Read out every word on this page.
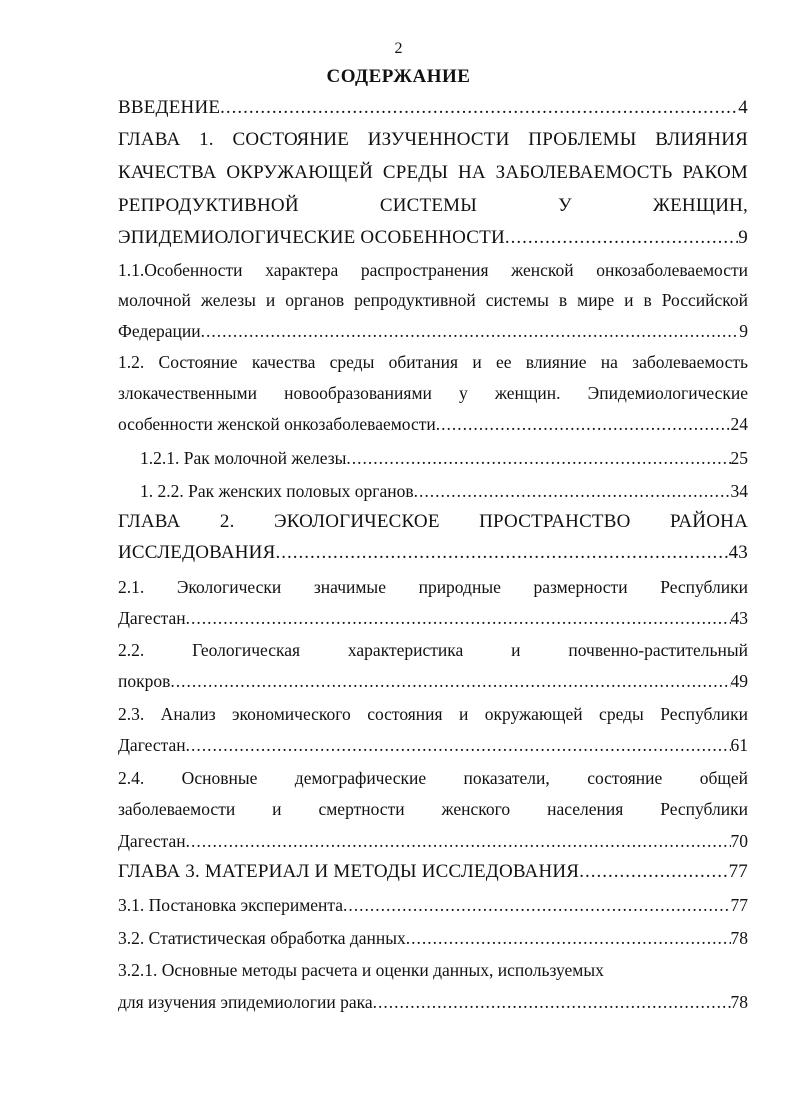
2
СОДЕРЖАНИЕ
ВВЕДЕНИЕ .....	4
ГЛАВА 1. СОСТОЯНИЕ ИЗУЧЕННОСТИ ПРОБЛЕМЫ ВЛИЯНИЯ
КАЧЕСТВА ОКРУЖАЮЩЕЙ СРЕДЫ НА ЗАБОЛЕВАЕМОСТЬ РАКОМ
РЕПРОДУКТИВНОЙ СИСТЕМЫ У ЖЕНЩИН,
ЭПИДЕМИОЛОГИЧЕСКИЕ ОСОБЕННОСТИ .....	9
1.1.Особенности характера распространения женской онкозаболеваемости
молочной железы и органов репродуктивной системы в мире и в Российской
Федерации .....	9
1.2. Состояние качества среды обитания и ее влияние на заболеваемость
злокачественными новообразованиями у женщин. Эпидемиологические
особенности женской онкозаболеваемости .....	24
1.2.1. Рак молочной железы .....	25
1. 2.2. Рак женских половых органов .....	34
ГЛАВА 2. ЭКОЛОГИЧЕСКОЕ ПРОСТРАНСТВО РАЙОНА
ИССЛЕДОВАНИЯ .....	43
2.1. Экологически значимые природные размерности Республики
Дагестан .....	43
2.2. Геологическая характеристика и почвенно-растительный
покров .....	49
2.3. Анализ экономического состояния и окружающей среды Республики
Дагестан .....	61
2.4. Основные демографические показатели, состояние общей
заболеваемости и смертности женского населения Республики
Дагестан .....	70
ГЛАВА 3. МАТЕРИАЛ И МЕТОДЫ ИССЛЕДОВАНИЯ .....	77
3.1. Постановка эксперимента .....	77
3.2. Статистическая обработка данных .....	78
3.2.1. Основные методы расчета и оценки данных, используемых
для изучения эпидемиологии рака .....	78
